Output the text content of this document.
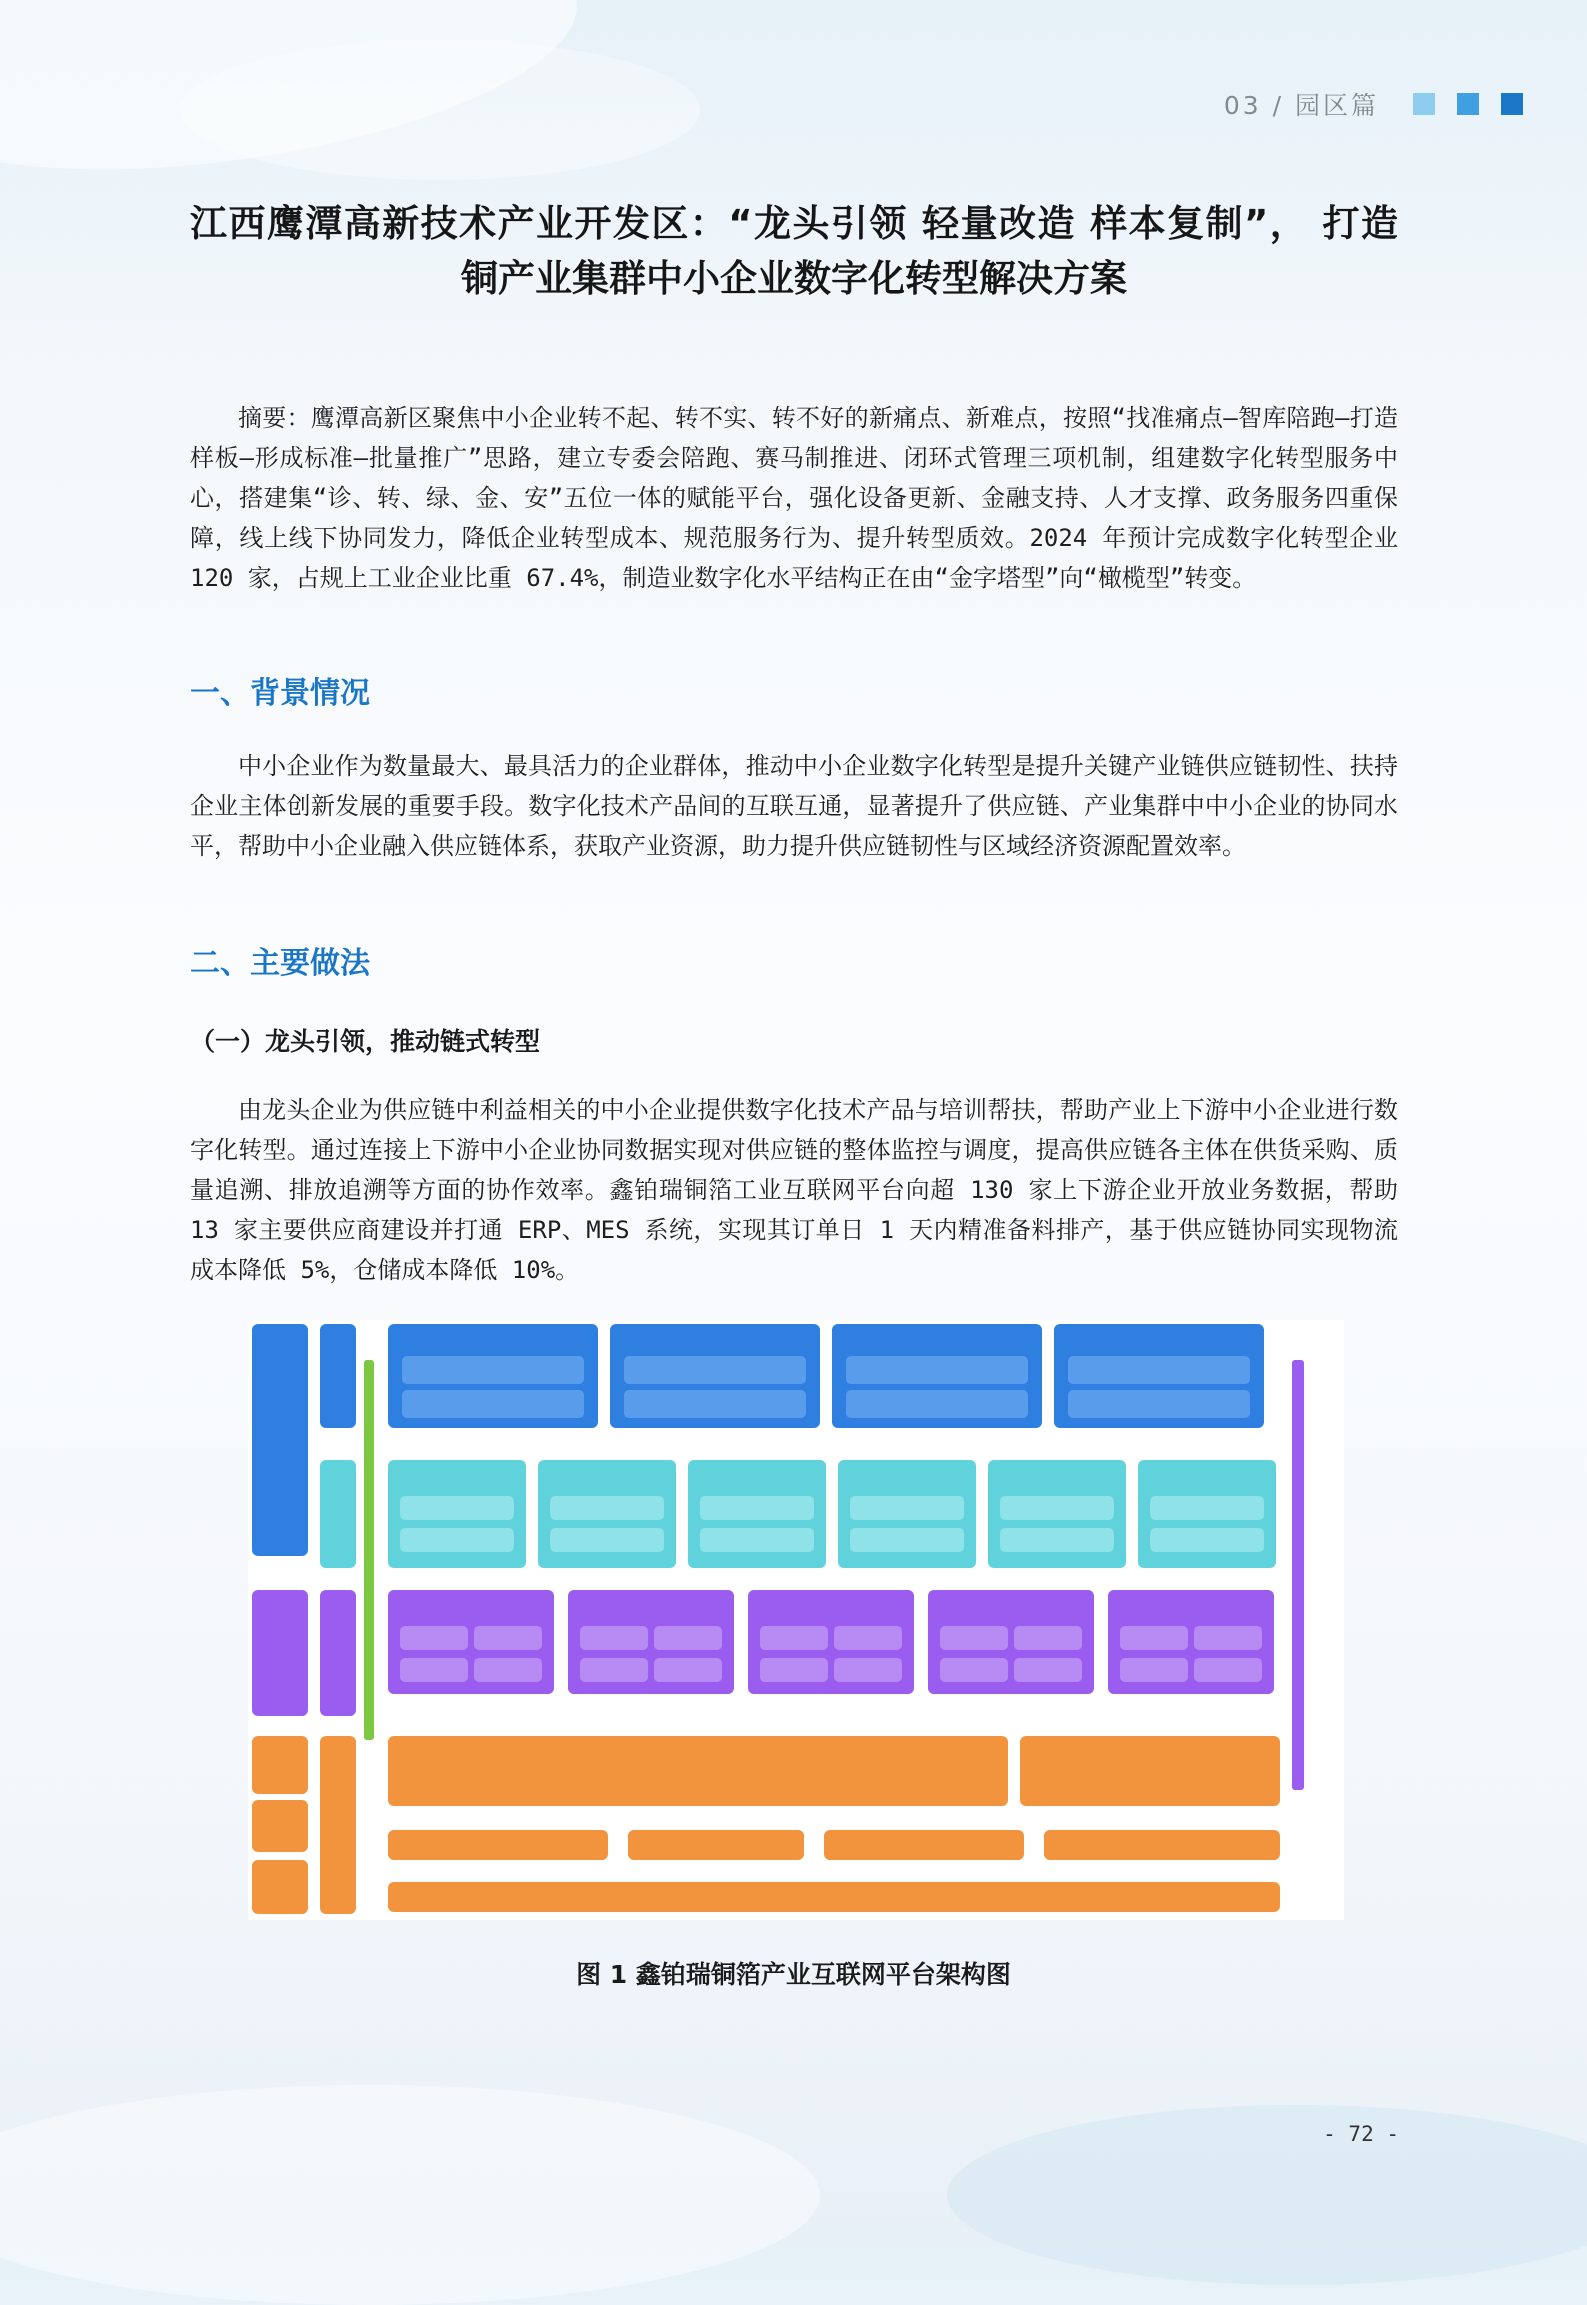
03 / 园区篇
江西鹰潭高新技术产业开发区：“龙头引领 轻量改造 样本复制”， 打造
铜产业集群中小企业数字化转型解决方案

摘要：鹰潭高新区聚焦中小企业转不起、转不实、转不好的新痛点、新难点，按照“找准痛点—智库陪跑—打造样板—形成标准—批量推广”思路，建立专委会陪跑、赛马制推进、闭环式管理三项机制，组建数字化转型服务中心，搭建集“诊、转、绿、金、安”五位一体的赋能平台，强化设备更新、金融支持、人才支撑、政务服务四重保障，线上线下协同发力，降低企业转型成本、规范服务行为、提升转型质效。2024 年预计完成数字化转型企业 120 家，占规上工业企业比重 67.4%，制造业数字化水平结构正在由“金字塔型”向“橄榄型”转变。

一、背景情况

中小企业作为数量最大、最具活力的企业群体，推动中小企业数字化转型是提升关键产业链供应链韧性、扶持企业主体创新发展的重要手段。数字化技术产品间的互联互通，显著提升了供应链、产业集群中中小企业的协同水平，帮助中小企业融入供应链体系，获取产业资源，助力提升供应链韧性与区域经济资源配置效率。

二、主要做法
（一）龙头引领，推动链式转型

由龙头企业为供应链中利益相关的中小企业提供数字化技术产品与培训帮扶，帮助产业上下游中小企业进行数字化转型。通过连接上下游中小企业协同数据实现对供应链的整体监控与调度，提高供应链各主体在供货采购、质量追溯、排放追溯等方面的协作效率。鑫铂瑞铜箔工业互联网平台向超 130 家上下游企业开放业务数据，帮助 13 家主要供应商建设并打通 ERP、MES 系统，实现其订单日 1 天内精准备料排产，基于供应链协同实现物流成本降低 5%，仓储成本降低 10%。

图 1 鑫铂瑞铜箔产业互联网平台架构图
- 72 -
